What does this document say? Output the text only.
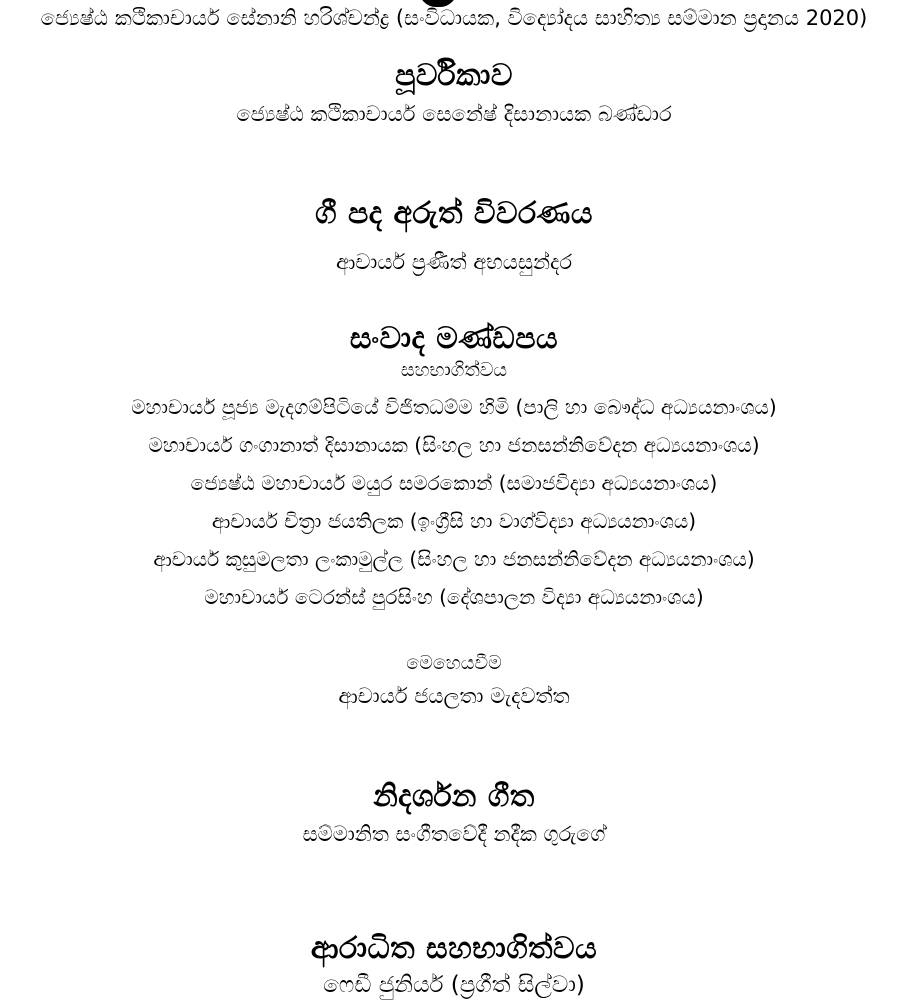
ජ්‍යෙෂ්ඨ කථිකාචාර්ය සේනානි හරිශ්චන්ද්‍ර (සංවිධායක, විද්‍යෝදය සාහිත්‍ය සම්මාන ප්‍රදානය 2020)
පූර්විකාව
ජ්‍යෙෂ්ඨ කථිකාචාර්ය සෙනේෂ් දිසානායක බණ්ඩාර
ගී පද අරුත් විවරණය
ආචාර්ය ප්‍රණීත් අභයසුන්දර
සංවාද මණ්ඩපය
සහභාගිත්වය
මහාචාර්ය පූජ්‍ය මැදගම්පිටියේ විජිතධම්ම හිමි (පාලි හා බෞද්ධ අධ්‍යයනාංශය)
මහාචාර්ය ගංගානාත් දිසානායක (සිංහල හා ජනසන්නිවේදන අධ්‍යයනාංශය)
ජ්‍යෙෂ්ඨ මහාචාර්ය මයුර සමරකොන් (සමාජවිද්‍යා අධ්‍යයනාංශය)
ආචාර්ය චිත්‍රා ජයතිලක (ඉංග්‍රීසි හා වාග්විද්‍යා අධ්‍යයනාංශය)
ආචාර්ය කුසුමලතා ලංකාමුල්ල (සිංහල හා ජනසන්නිවේදන අධ්‍යයනාංශය)
මහාචාර්ය ටෙරන්ස් පුරසිංහ (දේශපාලන විද්‍යා අධ්‍යයනාංශය)
මෙහෙයවීම
ආචාර්ය ජයලතා මැදවත්ත
නිදර්ශන ගීත
සම්මානිත සංගීතවේදී නදීක ගුරුගේ
ආරාධිත සහභාගිත්වය
ෆෙඩී ජුනියර් (ප්‍රගීත් සිල්වා)
